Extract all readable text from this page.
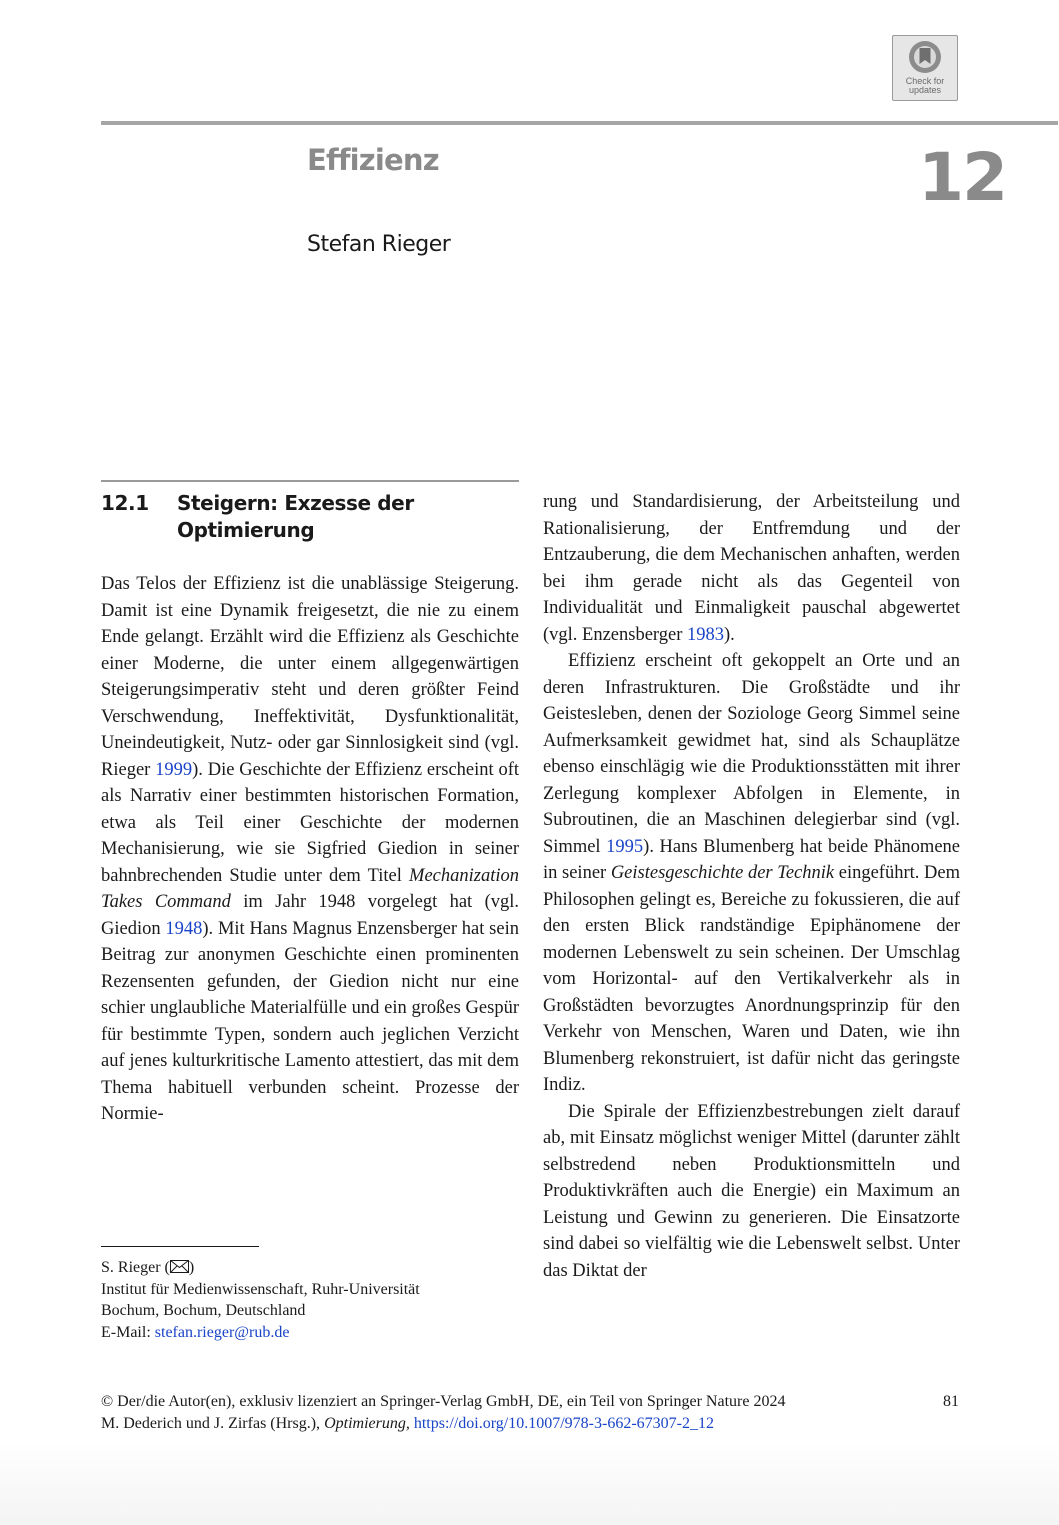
Check for
updates
Effizienz	12
Stefan Rieger
12.1 Steigern: Exzesse der Optimierung

Das Telos der Effizienz ist die unablässige Steigerung. Damit ist eine Dynamik freigesetzt, die nie zu einem Ende gelangt. Erzählt wird die Effizienz als Geschichte einer Moderne, die unter einem allgegenwärtigen Steigerungsimperativ steht und deren größter Feind Verschwendung, Ineffektivität, Dysfunktionalität, Uneindeutigkeit, Nutz- oder gar Sinnlosigkeit sind (vgl. Rieger 1999). Die Geschichte der Effizienz erscheint oft als Narrativ einer bestimmten historischen Formation, etwa als Teil einer Geschichte der modernen Mechanisierung, wie sie Sigfried Giedion in seiner bahnbrechenden Studie unter dem Titel Mechanization Takes Command im Jahr 1948 vorgelegt hat (vgl. Giedion 1948). Mit Hans Magnus Enzensberger hat sein Beitrag zur anonymen Geschichte einen prominenten Rezensenten gefunden, der Giedion nicht nur eine schier unglaubliche Materialfülle und ein großes Gespür für bestimmte Typen, sondern auch jeglichen Verzicht auf jenes kulturkritische Lamento attestiert, das mit dem Thema habituell verbunden scheint. Prozesse der Normie-

rung und Standardisierung, der Arbeitsteilung und Rationalisierung, der Entfremdung und der Entzauberung, die dem Mechanischen anhaften, werden bei ihm gerade nicht als das Gegenteil von Individualität und Einmaligkeit pauschal abgewertet (vgl. Enzensberger 1983).

Effizienz erscheint oft gekoppelt an Orte und an deren Infrastrukturen. Die Großstädte und ihr Geistesleben, denen der Soziologe Georg Simmel seine Aufmerksamkeit gewidmet hat, sind als Schauplätze ebenso einschlägig wie die Produktionsstätten mit ihrer Zerlegung komplexer Abfolgen in Elemente, in Subroutinen, die an Maschinen delegierbar sind (vgl. Simmel 1995). Hans Blumenberg hat beide Phänomene in seiner Geistesgeschichte der Technik eingeführt. Dem Philosophen gelingt es, Bereiche zu fokussieren, die auf den ersten Blick randständige Epiphänomene der modernen Lebenswelt zu sein scheinen. Der Umschlag vom Horizontal- auf den Vertikalverkehr als in Großstädten bevorzugtes Anordnungsprinzip für den Verkehr von Menschen, Waren und Daten, wie ihn Blumenberg rekonstruiert, ist dafür nicht das geringste Indiz.

Die Spirale der Effizienzbestrebungen zielt darauf ab, mit Einsatz möglichst weniger Mittel (darunter zählt selbstredend neben Produktionsmitteln und Produktivkräften auch die Energie) ein Maximum an Leistung und Gewinn zu generieren. Die Einsatzorte sind dabei so vielfältig wie die Lebenswelt selbst. Unter das Diktat der

S. Rieger ( )
Institut für Medienwissenschaft, Ruhr-Universität
Bochum, Bochum, Deutschland
E-Mail: stefan.rieger@rub.de
© Der/die Autor(en), exklusiv lizenziert an Springer-Verlag GmbH, DE, ein Teil von Springer Nature 2024
M. Dederich und J. Zirfas (Hrsg.), Optimierung, https://doi.org/10.1007/978-3-662-67307-2_12
81
